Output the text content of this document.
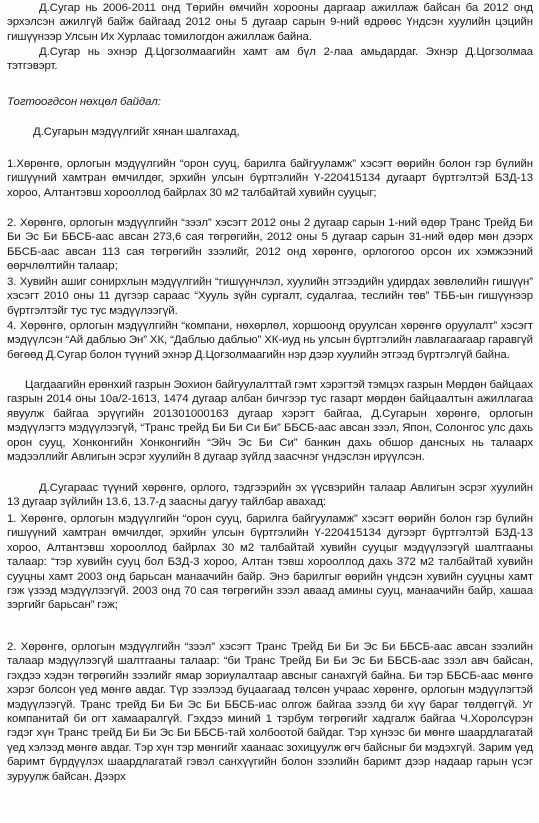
Д.Сугар нь 2006-2011 онд Төрийн өмчийн хорооны даргаар ажиллаж байсан ба 2012 онд эрхэлсэн ажилгүй байж байгаад 2012 оны 5 дугаар сарын 9-ний өдрөөс Үндсэн хуулийн цэцийн гишүүнээр Улсын Их Хурлаас томилогдон ажиллаж байна.
Д.Сугар нь эхнэр Д.Цогзолмаагийн хамт ам бүл 2-лаа амьдардаг. Эхнэр Д.Цогзолмаа тэтгэвэрт.
Тогтоогдсон нөхцөл байдал:
Д.Сугарын мэдүүлгийг хянан шалгахад,
1.Хөрөнгө, орлогын мэдүүлгийн “орон сууц, барилга байгууламж” хэсэгт өөрийн болон гэр бүлийн гишүүний хамтран өмчилдөг, эрхийн улсын бүртгэлийн Ү-220415134 дугаарт бүртгэлтэй БЗД-13 хороо, Алтантэвш хорооллод байрлах 30 м2 талбайтай хувийн сууцыг;
2. Хөрөнгө, орлогын мэдүүлгийн “зээл” хэсэгт 2012 оны 2 дугаар сарын 1-ний өдөр Транс Трейд Би Би Эс Би ББСБ-аас авсан 273,6 сая төгрөгийн, 2012 оны 5 дугаар сарын 31-ний өдөр мөн дээрх ББСБ-аас авсан 113 сая төгрөгийн зээлийг, 2012 онд хөрөнгө, орлогогоо орсон их хэмжээний өөрчлөлтийн талаар;
3. Хувийн ашиг сонирхлын мэдүүлгийн “гишүүнчлэл, хуулийн этгээдийн удирдах зөвлөлийн гишүүн” хэсэгт 2010 оны 11 дүгээр сараас “Хууль зүйн сургалт, судалгаа, теслийн төв” ТББ-ын гишүүнээр бүртгэлтэйг тус тус мэдүүлээгүй.
4. Хөрөнгө, орлогын мэдүүлгийн “компани, нөхөрлөл, хоршоонд оруулсан хөрөнгө оруулалт” хэсэгт мэдүүлсэн “Ай даблью Эн” ХК, “Даблью даблью” ХК-иуд нь улсын бүртгэлийн лавлагаагаар гаравгүй бөгөөд Д.Сугар болон түүний эхнэр Д.Цогзолмаагийн нэр дээр хуулийн этгээд бүртгэлгүй байна.
Цагдаагийн ерөнхий газрын Эохион байгуулалттай гэмт хэрэгтэй тэмцэх газрын Мөрдөн байцаах газрын 2014 оны 10а/2-1613, 1474 дугаар албан бичгээр тус газарт мөрдөн байцаалтын ажиллагаа явуулж байгаа эрүүгийн 201301000163 дугаар хэрэгт байгаа, Д.Сугарын хөрөнгө, орлогын мэдүүлэгтэ мэдүүлээгүй, “Транс трейд Би Би Си Би” ББСБ-аас авсан зээл, Япон, Солонгос улс дахь орон сууц, Хонконгийн Хонконгийн “Эйч Эс Би Си” банкин дахь обшор дансных нь талаарх мэдээллийг Авлигын эсрэг хуулийн 8 дугаар зүйлд заасчнэг үндэслэн ирүүлсэн.
Д.Сугараас түүний хөрөнгө, орлого, тэдгээрийн эх үүсвэрийн талаар Авлигын эсрэг хуулийн 13 дугаар зүйлийн 13.6, 13.7-д заасны дагуу тайлбар авахад:
1. Хөрөнгө, орлогын мэдүүлгийн “орон сууц, барилга байгууламж” хэсэгт өөрийн болон гэр бүлийн гишүүний хамтран өмчилдөг, эрхийн улсын бүртгэлийн Ү-220415134 дугээрт бүртгэлтэй БЗД-13 хороо, Алтантэвш хорооллод байрлах 30 м2 талбайтай хувийн сууцыг мэдүүлээгүй шалтгааны талаар: “тэр хувийн сууц бол БЗД-3 хороо, Алтан тэвш хорооллод дахь 372 м2 талбайтай хувийн сууцны хамт 2003 онд барьсан манаачийн байр. Энэ барилгыг өөрийн үндсэн хувийн сууцны хамт гэж үзээд мэдүүлээгүй. 2003 онд 70 сая төгрөгийн зээл аваад амины сууц, манаачийн байр, хашаа зэргийг барьсан” гэж;
2. Хөрөнгө, орлогын мэдүүлгийн “зээл” хэсэгт Транс Трейд Би Би Эс Би ББСБ-аас авсан зээлийн талаар мэдүүлээгүй шалтгааны талаар: “би Транс Трейд Би Би Эс Би ББСБ-аас зээл авч байсан, гэхдээ хэдэн төгрөгийн зээлийг ямар зориулалтаар авсныг санахгүй байна. Би тэр ББСБ-аас мөнгө хэрэг болсон үед мөнгө авдаг. Түр зээлээд буцаагаад төлсөн учраас хөрөнгө, орлогын мэдүүлэгтэй мэдүүлээгүй. Транс трейд Би Би Эс Би ББСБ-иас олгож байгаа зээлд би хүү бараг төлдөггүй. Уг компанитай би огт хамааралгүй. Гэхдээ миний 1 тэрбум төгрөгийг хадгалж байгаа Ч.Хоролсүрэн гэдэг хүн Транс трейд Би Би Эс Би ББСБ-тай холбоотой байдаг. Тэр хүнээс би мөнгө шаардлагатай үед хэлээд мөнгө авдаг. Тэр хүн тэр мөнгийг хаанаас зохицуулж өгч байсныг би мэдэхгүй. Зарим үед баримт бүрдүүлэх шаардлагатай гэвэл санхүүгийн болон зээлийн баримт дээр надаар гарын үсэг зуруулж байсан. Дээрх
